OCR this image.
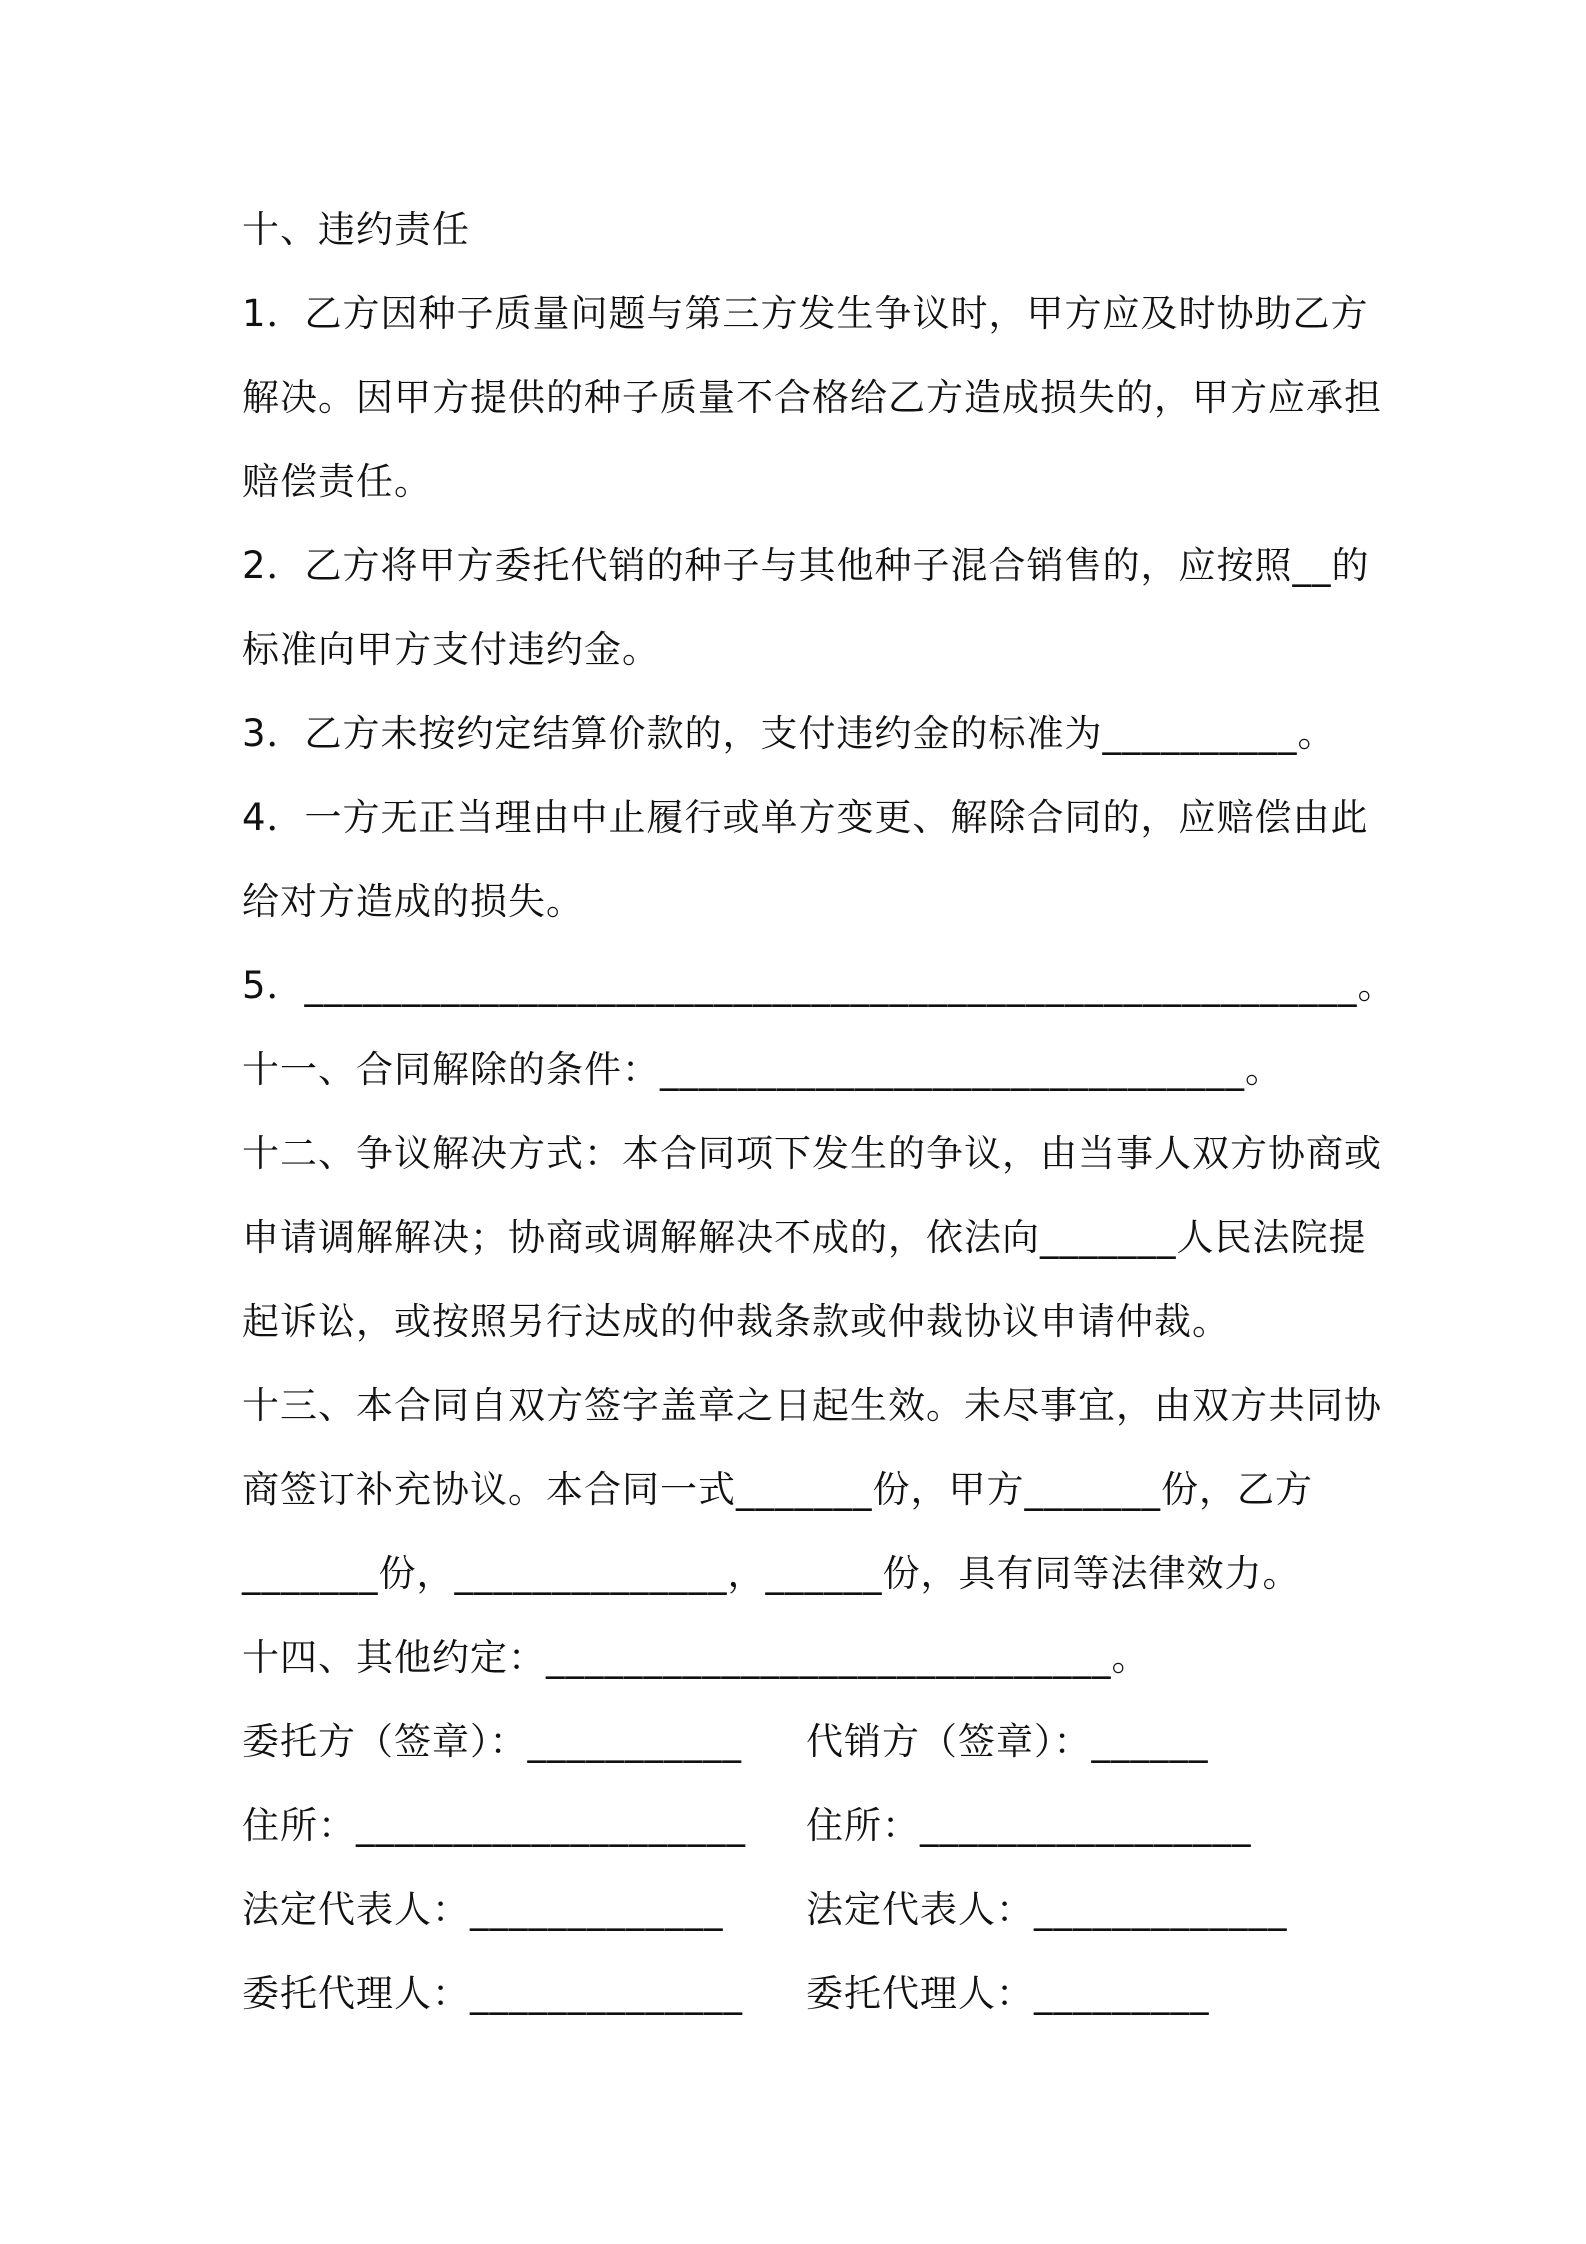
十、违约责任
1．乙方因种子质量问题与第三方发生争议时，甲方应及时协助乙方
解决。因甲方提供的种子质量不合格给乙方造成损失的，甲方应承担
赔偿责任。
2．乙方将甲方委托代销的种子与其他种子混合销售的，应按照__的
标准向甲方支付违约金。
3．乙方未按约定结算价款的，支付违约金的标准为__________。
4．一方无正当理由中止履行或单方变更、解除合同的，应赔偿由此
给对方造成的损失。
5．______________________________________________________。
十一、合同解除的条件：______________________________。
十二、争议解决方式：本合同项下发生的争议，由当事人双方协商或
申请调解解决；协商或调解解决不成的，依法向_______人民法院提
起诉讼，或按照另行达成的仲裁条款或仲裁协议申请仲裁。
十三、本合同自双方签字盖章之日起生效。未尽事宜，由双方共同协
商签订补充协议。本合同一式_______份，甲方_______份，乙方
_______份，______________，______份，具有同等法律效力。
十四、其他约定：_____________________________。
委托方（签章）：___________ 代销方（签章）：______
住所：____________________ 住所：_________________
法定代表人：_____________ 法定代表人：_____________
委托代理人：______________ 委托代理人：_________
